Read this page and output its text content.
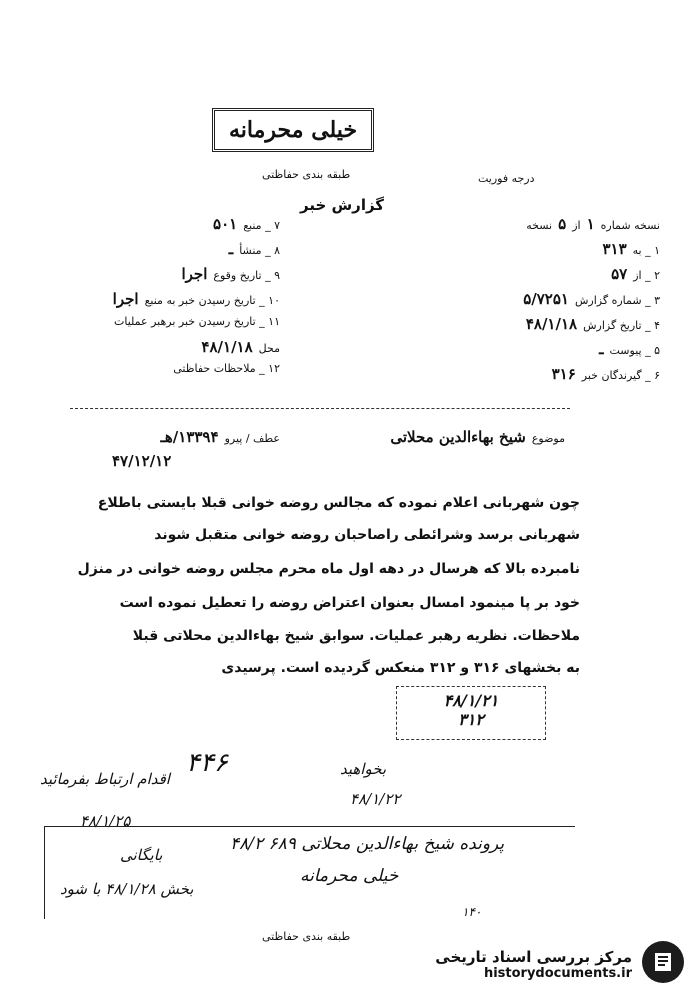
خیلی محرمانه
طبقه بندی حفاظتی	درجه فوریت
گزارش خبر
نسخه شماره
۱
از
۵
نسخه
۱ _ به
۳۱۳
۲ _ از
۵۷
۳ _ شماره گزارش
۵/۷۲۵۱
۴ _ تاریخ گزارش
۴۸/۱/۱۸
۵ _ پیوست
ـ
۶ _ گیرندگان خبر
۳۱۶
۷ _ منبع
۵۰۱
۸ _ منشأ
ـ
۹ _ تاریخ وقوع
اجرا
۱۰ _ تاریخ رسیدن خبر به منبع
اجرا
۱۱ _ تاریخ رسیدن خبر برهبر عملیات
محل
۴۸/۱/۱۸
۱۲ _ ملاحظات حفاظتی
موضوع
شیخ بهاءالدین محلاتی
عطف / پیرو
۱۳۳۹۴/هـ
۴۷/۱۲/۱۲
چون شهربانی اعلام نموده که مجالس روضه خوانی قبلا بایستی باطلاع
شهربانی برسد وشرائطی راصاحبان روضه خوانی متقبل شوند
نامبرده بالا که هرسال در دهه اول ماه محرم مجلس روضه خوانی در منزل
خود بر پا مینمود امسال بعنوان اعتراض روضه را تعطیل نموده است
ملاحظات. نظریه رهبر عملیات. سوابق شیخ بهاءالدین محلاتی قبلا
به بخشهای ۳۱۶ و ۳۱۲ منعکس گردیده است. پرسیدی
۴۸/۱/۲۱
۳۱۲
۴۴۶
اقدام ارتباط بفرمائید
۴۸/۱/۲۵
بخواهید
۴۸/۱/۲۲
بایگانی
پرونده شیخ بهاءالدین محلاتی ۶۸۹ ۴۸/۲
خیلی محرمانه
بخش ۴۸/۱/۲۸ با شود
۱۴۰
طبقه بندی حفاظتی
مرکز بررسی اسناد تاریخی
historydocuments.ir
